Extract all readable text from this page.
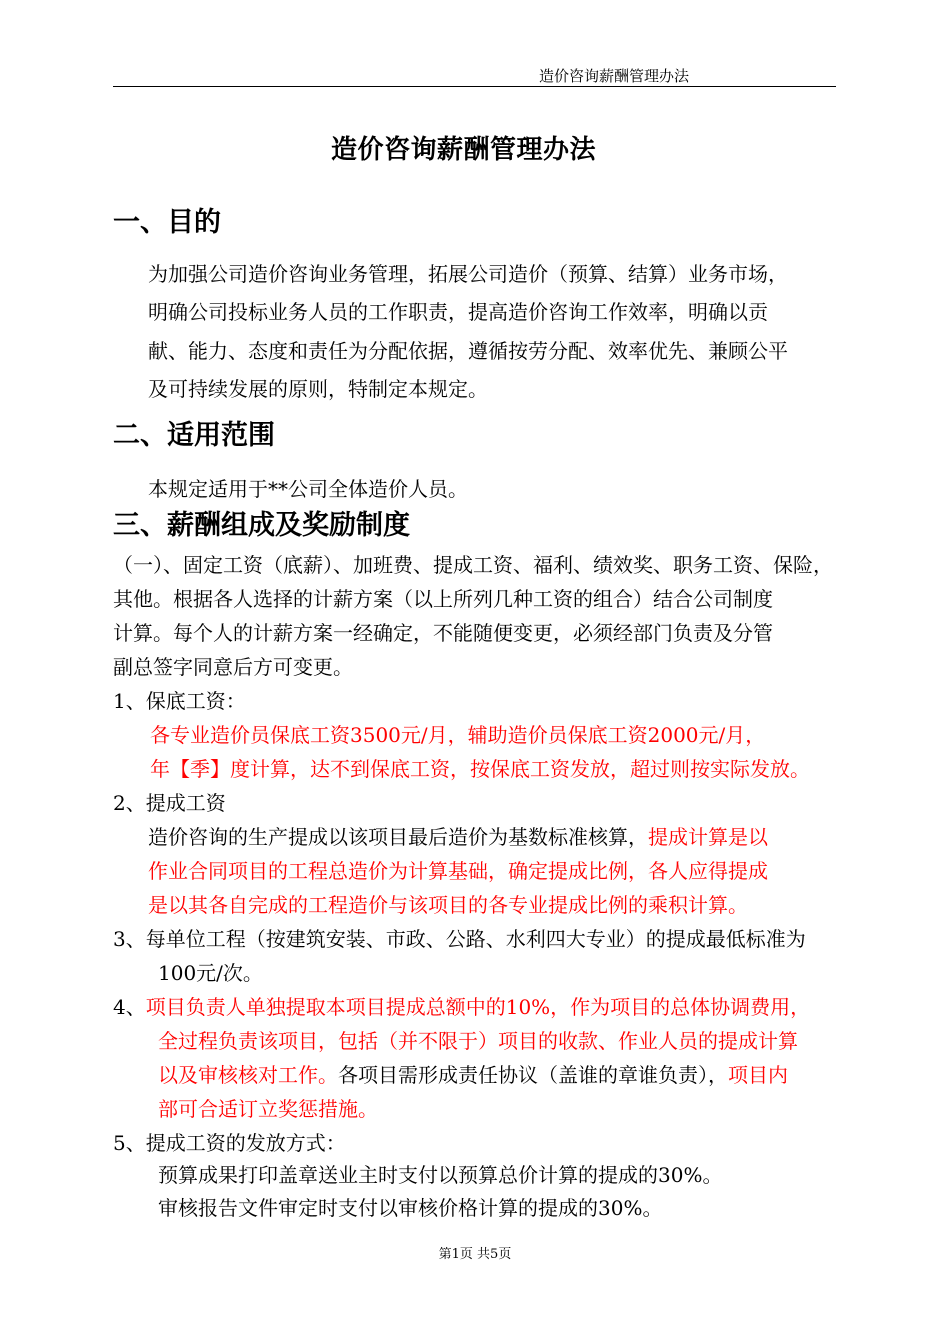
造价咨询薪酬管理办法
造价咨询薪酬管理办法
一、目的
为加强公司造价咨询业务管理，拓展公司造价（预算、结算）业务市场，
明确公司投标业务人员的工作职责，提高造价咨询工作效率，明确以贡
献、能力、态度和责任为分配依据，遵循按劳分配、效率优先、兼顾公平
及可持续发展的原则，特制定本规定。
二、适用范围
本规定适用于**公司全体造价人员。
三、薪酬组成及奖励制度
（一）、固定工资（底薪）、加班费、提成工资、福利、绩效奖、职务工资、保险，
其他。根据各人选择的计薪方案（以上所列几种工资的组合）结合公司制度
计算。每个人的计薪方案一经确定，不能随便变更，必须经部门负责及分管
副总签字同意后方可变更。
1、保底工资：
各专业造价员保底工资3500元/月，辅助造价员保底工资2000元/月，
年【季】度计算，达不到保底工资，按保底工资发放，超过则按实际发放。
2、提成工资
造价咨询的生产提成以该项目最后造价为基数标准核算，提成计算是以
作业合同项目的工程总造价为计算基础，确定提成比例，各人应得提成
是以其各自完成的工程造价与该项目的各专业提成比例的乘积计算。
3、每单位工程（按建筑安装、市政、公路、水利四大专业）的提成最低标准为
100元/次。
4、项目负责人单独提取本项目提成总额中的10%，作为项目的总体协调费用，
全过程负责该项目，包括（并不限于）项目的收款、作业人员的提成计算
以及审核核对工作。各项目需形成责任协议（盖谁的章谁负责），项目内
部可合适订立奖惩措施。
5、提成工资的发放方式：
预算成果打印盖章送业主时支付以预算总价计算的提成的30%。
审核报告文件审定时支付以审核价格计算的提成的30%。
第1页 共5页
